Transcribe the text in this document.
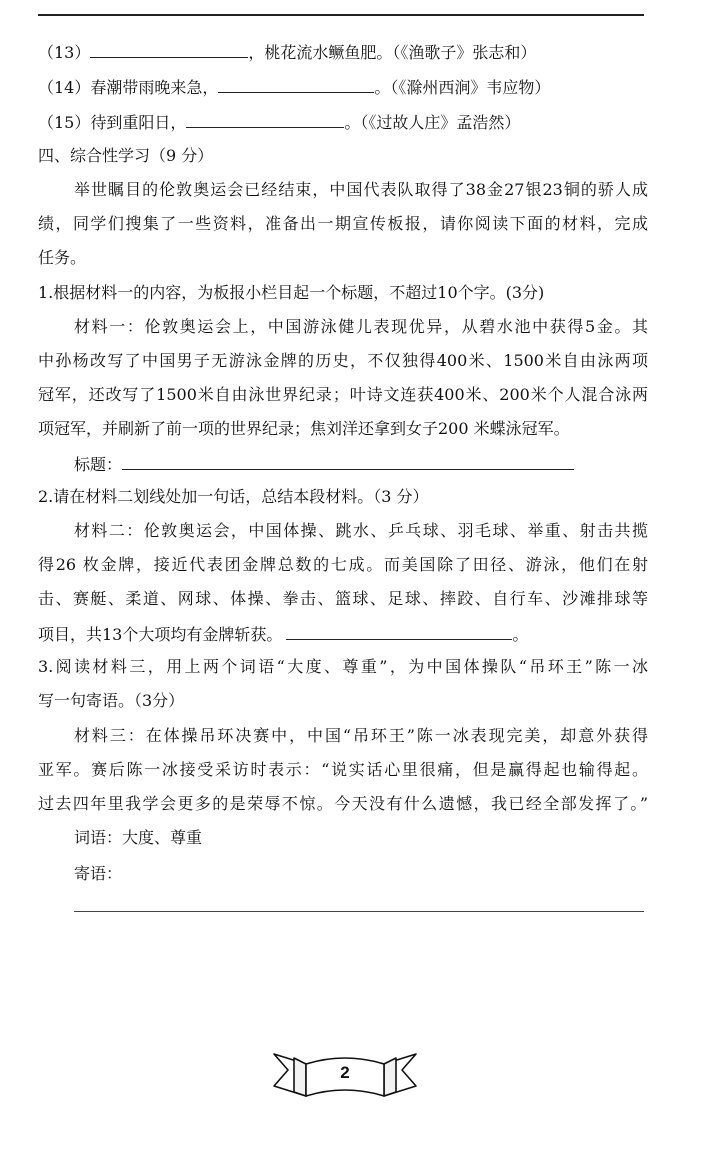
（13）	，桃花流水鳜鱼肥。（《渔歌子》张志和）
（14）春潮带雨晚来急，	。（《滁州西涧》韦应物）
（15）待到重阳日，	。（《过故人庄》孟浩然）
四、综合性学习（9 分）
举世瞩目的伦敦奥运会已经结束，中国代表队取得了38金27银23铜的骄人成
绩，同学们搜集了一些资料，准备出一期宣传板报，请你阅读下面的材料，完成
任务。
1.根据材料一的内容，为板报小栏目起一个标题，不超过10个字。(3分)
材料一：伦敦奥运会上，中国游泳健儿表现优异，从碧水池中获得5金。其
中孙杨改写了中国男子无游泳金牌的历史，不仅独得400米、1500米自由泳两项
冠军，还改写了1500米自由泳世界纪录；叶诗文连获400米、200米个人混合泳两
项冠军，并刷新了前一项的世界纪录；焦刘洋还拿到女子200 米蝶泳冠军。
标题：
2.请在材料二划线处加一句话，总结本段材料。（3 分）
材料二：伦敦奥运会，中国体操、跳水、乒乓球、羽毛球、举重、射击共揽
得26 枚金牌，接近代表团金牌总数的七成。而美国除了田径、游泳，他们在射
击、赛艇、柔道、网球、体操、拳击、篮球、足球、摔跤、自行车、沙滩排球等
项目，共13个大项均有金牌斩获。	。
3.阅读材料三，用上两个词语“大度、尊重”，为中国体操队“吊环王”陈一冰
写一句寄语。（3分）
材料三：在体操吊环决赛中，中国“吊环王”陈一冰表现完美，却意外获得
亚军。赛后陈一冰接受采访时表示：“说实话心里很痛，但是赢得起也输得起。
过去四年里我学会更多的是荣辱不惊。今天没有什么遗憾，我已经全部发挥了。”
词语：大度、尊重
寄语：
2
